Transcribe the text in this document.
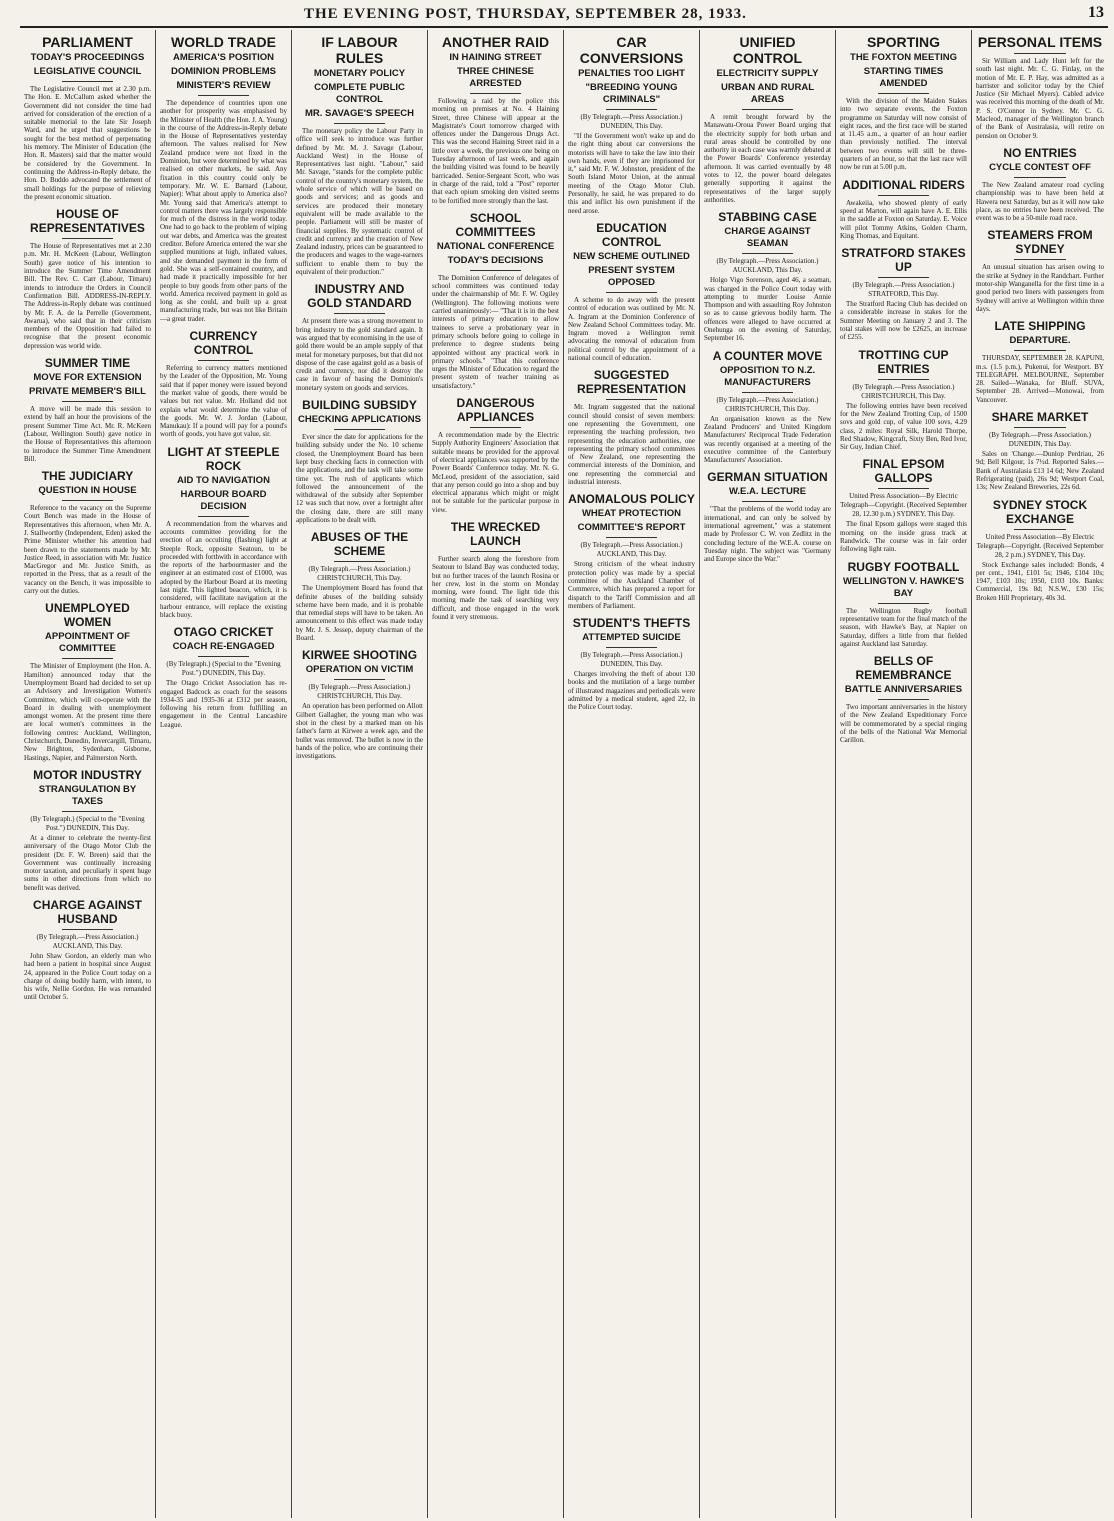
THE EVENING POST, THURSDAY, SEPTEMBER 28, 1933.	13
PARLIAMENT
TODAY'S PROCEEDINGS
LEGISLATIVE COUNCIL
The Legislative Council met at 2.30 p.m. The Hon. E. McCallum asked whether the Government did not consider the time had arrived for consideration of the erection of a suitable memorial to the late Sir Joseph Ward, and he urged that suggestions be sought for the best method of perpetuating his memory. The Minister of Education (the Hon. R. Masters) said that the matter would be considered by the Government. In continuing the Address-in-Reply debate, the Hon. D. Buddo advocated the settlement of small holdings for the purpose of relieving the present economic situation.
HOUSE OF REPRESENTATIVES
The House of Representatives met at 2.30 p.m. Mr. H. McKeen (Labour, Wellington South) gave notice of his intention to introduce the Summer Time Amendment Bill. The Rev. C. Carr (Labour, Timaru) intends to introduce the Orders in Council Confirmation Bill. ADDRESS-IN-REPLY. The Address-in-Reply debate was continued by Mr. F. A. de la Perrelle (Government, Awarua), who said that in their criticism members of the Opposition had failed to recognise that the present economic depression was world wide.
SUMMER TIME
MOVE FOR EXTENSION
PRIVATE MEMBER'S BILL
A move will be made this session to extend by half an hour the provisions of the present Summer Time Act. Mr. R. McKeen (Labour, Wellington South) gave notice in the House of Representatives this afternoon to introduce the Summer Time Amendment Bill.
THE JUDICIARY
QUESTION IN HOUSE
Reference to the vacancy on the Supreme Court Bench was made in the House of Representatives this afternoon, when Mr. A. J. Stallworthy (Independent, Eden) asked the Prime Minister whether his attention had been drawn to the statements made by Mr. Justice Reed, in association with Mr. Justice MacGregor and Mr. Justice Smith, as reported in the Press, that as a result of the vacancy on the Bench, it was impossible to carry out the duties.
UNEMPLOYED WOMEN
APPOINTMENT OF COMMITTEE
The Minister of Employment (the Hon. A. Hamilton) announced today that the Unemployment Board had decided to set up an Advisory and Investigation Women's Committee, which will co-operate with the Board in dealing with unemployment amongst women. At the present time there are local women's committees in the following centres: Auckland, Wellington, Christchurch, Dunedin, Invercargill, Timaru, New Brighton, Sydenham, Gisborne, Hastings, Napier, and Palmerston North.
MOTOR INDUSTRY
STRANGULATION BY TAXES
(By Telegraph.) (Special to the "Evening Post.") DUNEDIN, This Day.
At a dinner to celebrate the twenty-first anniversary of the Otago Motor Club the president (Dr. F. W. Breen) said that the Government was continually increasing motor taxation, and peculiarly it spent huge sums in other directions from which no benefit was derived.
CHARGE AGAINST HUSBAND
(By Telegraph.—Press Association.) AUCKLAND, This Day.
John Shaw Gordon, an elderly man who had been a patient in hospital since August 24, appeared in the Police Court today on a charge of doing bodily harm, with intent, to his wife, Nellie Gordon. He was remanded until October 5.
WORLD TRADE
AMERICA'S POSITION
DOMINION PROBLEMS
MINISTER'S REVIEW
The dependence of countries upon one another for prosperity was emphasised by the Minister of Health (the Hon. J. A. Young) in the course of the Address-in-Reply debate in the House of Representatives yesterday afternoon. The values realised for New Zealand produce were not fixed in the Dominion, but were determined by what was realised on other markets, he said. Any fixation in this country could only be temporary. Mr. W. E. Barnard (Labour, Napier): What about apply to America also? Mr. Young said that America's attempt to control matters there was largely responsible for much of the distress in the world today. One had to go back to the problem of wiping out war debts, and America was the greatest creditor. Before America entered the war she supplied munitions at high, inflated values, and she demanded payment in the form of gold. She was a self-contained country, and had made it practically impossible for her people to buy goods from other parts of the world. America received payment in gold as long as she could, and built up a great manufacturing trade, but was not like Britain—a great trader.
CURRENCY CONTROL
Referring to currency matters mentioned by the Leader of the Opposition, Mr. Young said that if paper money were issued beyond the market value of goods, there would be values but not value. Mr. Holland did not explain what would determine the value of the goods. Mr. W. J. Jordan (Labour, Manukau): If a pound will pay for a pound's worth of goods, you have got value, sir.
LIGHT AT STEEPLE ROCK
AID TO NAVIGATION
HARBOUR BOARD DECISION
A recommendation from the wharves and accounts committee providing for the erection of an occulting (flashing) light at Steeple Rock, opposite Seatoun, to be proceeded with forthwith in accordance with the reports of the harbourmaster and the engineer at an estimated cost of £1000, was adopted by the Harbour Board at its meeting last night. This lighted beacon, which, it is considered, will facilitate navigation at the harbour entrance, will replace the existing black buoy.
OTAGO CRICKET
COACH RE-ENGAGED
(By Telegraph.) (Special to the "Evening Post.") DUNEDIN, This Day.
The Otago Cricket Association has re-engaged Badcock as coach for the seasons 1934-35 and 1935-36 at £312 per season, following his return from fulfilling an engagement in the Central Lancashire League.
IF LABOUR RULES
MONETARY POLICY
COMPLETE PUBLIC CONTROL
MR. SAVAGE'S SPEECH
The monetary policy the Labour Party in office will seek to introduce was further defined by Mr. M. J. Savage (Labour, Auckland West) in the House of Representatives last night. "Labour," said Mr. Savage, "stands for the complete public control of the country's monetary system, the whole service of which will be based on goods and services; and as goods and services are produced their monetary equivalent will be made available to the people. Parliament will still be master of financial supplies. By systematic control of credit and currency and the creation of New Zealand industry, prices can be guaranteed to the producers and wages to the wage-earners sufficient to enable them to buy the equivalent of their production."
INDUSTRY AND GOLD STANDARD
At present there was a strong movement to bring industry to the gold standard again. It was argued that by economising in the use of gold there would be an ample supply of that metal for monetary purposes, but that did not dispose of the case against gold as a basis of credit and currency, nor did it destroy the case in favour of basing the Dominion's monetary system on goods and services.
BUILDING SUBSIDY
CHECKING APPLICATIONS
Ever since the date for applications for the building subsidy under the No. 10 scheme closed, the Unemployment Board has been kept busy checking facts in connection with the applications, and the task will take some time yet. The rush of applicants which followed the announcement of the withdrawal of the subsidy after September 12 was such that now, over a fortnight after the closing date, there are still many applications to be dealt with.
ABUSES OF THE SCHEME
(By Telegraph.—Press Association.) CHRISTCHURCH, This Day.
The Unemployment Board has found that definite abuses of the building subsidy scheme have been made, and it is probable that remedial steps will have to be taken. An announcement to this effect was made today by Mr. J. S. Jessep, deputy chairman of the Board.
KIRWEE SHOOTING
OPERATION ON VICTIM
(By Telegraph.—Press Association.) CHRISTCHURCH, This Day.
An operation has been performed on Allott Gilbert Gallagher, the young man who was shot in the chest by a marked man on his father's farm at Kirwee a week ago, and the bullet was removed. The bullet is now in the hands of the police, who are continuing their investigations.
ANOTHER RAID
IN HAINING STREET
THREE CHINESE ARRESTED
Following a raid by the police this morning on premises at No. 4 Haining Street, three Chinese will appear at the Magistrate's Court tomorrow charged with offences under the Dangerous Drugs Act. This was the second Haining Street raid in a little over a week, the previous one being on Tuesday afternoon of last week, and again the building visited was found to be heavily barricaded. Senior-Sergeant Scott, who was in charge of the raid, told a "Post" reporter that each opium smoking den visited seems to be fortified more strongly than the last.
SCHOOL COMMITTEES
NATIONAL CONFERENCE
TODAY'S DECISIONS
The Dominion Conference of delegates of school committees was continued today under the chairmanship of Mr. F. W. Ogiley (Wellington). The following motions were carried unanimously:— "That it is in the best interests of primary education to allow trainees to serve a probationary year in primary schools before going to college in preference to degree students being appointed without any practical work in primary schools." "That this conference urges the Minister of Education to regard the present system of teacher training as unsatisfactory."
DANGEROUS APPLIANCES
A recommendation made by the Electric Supply Authority Engineers' Association that suitable means be provided for the approval of electrical appliances was supported by the Power Boards' Conference today. Mr. N. G. McLeod, president of the association, said that any person could go into a shop and buy electrical apparatus which might or might not be suitable for the particular purpose in view.
THE WRECKED LAUNCH
Further search along the foreshore from Seatoun to Island Bay was conducted today, but no further traces of the launch Rosina or her crew, lost in the storm on Monday morning, were found. The light tide this morning made the task of searching very difficult, and those engaged in the work found it very strenuous.
CAR CONVERSIONS
PENALTIES TOO LIGHT
"BREEDING YOUNG CRIMINALS"
(By Telegraph.—Press Association.) DUNEDIN, This Day.
"If the Government won't wake up and do the right thing about car conversions the motorists will have to take the law into their own hands, even if they are imprisoned for it," said Mr. F. W. Johnston, president of the South Island Motor Union, at the annual meeting of the Otago Motor Club. Personally, he said, he was prepared to do this and inflict his own punishment if the need arose.
EDUCATION CONTROL
NEW SCHEME OUTLINED
PRESENT SYSTEM OPPOSED
A scheme to do away with the present control of education was outlined by Mr. N. A. Ingram at the Dominion Conference of New Zealand School Committees today. Mr. Ingram moved a Wellington remit advocating the removal of education from political control by the appointment of a national council of education.
SUGGESTED REPRESENTATION
Mr. Ingram suggested that the national council should consist of seven members: one representing the Government, one representing the teaching profession, two representing the education authorities, one representing the primary school committees of New Zealand, one representing the commercial interests of the Dominion, and one representing the commercial and industrial interests.
ANOMALOUS POLICY
WHEAT PROTECTION
COMMITTEE'S REPORT
(By Telegraph.—Press Association.) AUCKLAND, This Day.
Strong criticism of the wheat industry protection policy was made by a special committee of the Auckland Chamber of Commerce, which has prepared a report for dispatch to the Tariff Commission and all members of Parliament.
STUDENT'S THEFTS
ATTEMPTED SUICIDE
(By Telegraph.—Press Association.) DUNEDIN, This Day.
Charges involving the theft of about 130 books and the mutilation of a large number of illustrated magazines and periodicals were admitted by a medical student, aged 22, in the Police Court today.
UNIFIED CONTROL
ELECTRICITY SUPPLY
URBAN AND RURAL AREAS
A remit brought forward by the Manawatu-Oroua Power Board urging that the electricity supply for both urban and rural areas should be controlled by one authority in each case was warmly debated at the Power Boards' Conference yesterday afternoon. It was carried eventually by 48 votes to 12, the power board delegates generally supporting it against the representatives of the larger supply authorities.
STABBING CASE
CHARGE AGAINST SEAMAN
(By Telegraph.—Press Association.) AUCKLAND, This Day.
Holgo Vigo Sorenson, aged 46, a seaman, was charged in the Police Court today with attempting to murder Louise Annie Thompson and with assaulting Roy Johnston so as to cause grievous bodily harm. The offences were alleged to have occurred at Onehunga on the evening of Saturday, September 16.
A COUNTER MOVE
OPPOSITION TO N.Z. MANUFACTURERS
(By Telegraph.—Press Association.) CHRISTCHURCH, This Day.
An organisation known as the New Zealand Producers' and United Kingdom Manufacturers' Reciprocal Trade Federation was recently organised at a meeting of the executive committee of the Canterbury Manufacturers' Association.
GERMAN SITUATION
W.E.A. LECTURE
"That the problems of the world today are international, and can only be solved by international agreement," was a statement made by Professor C. W. von Zedlitz in the concluding lecture of the W.E.A. course on Tuesday night. The subject was "Germany and Europe since the War."
SPORTING
THE FOXTON MEETING
STARTING TIMES AMENDED
With the division of the Maiden Stakes into two separate events, the Foxton programme on Saturday will now consist of eight races, and the first race will be started at 11.45 a.m., a quarter of an hour earlier than previously notified. The interval between two events will still be three-quarters of an hour, so that the last race will now be run at 5.00 p.m.
ADDITIONAL RIDERS
Awakeiia, who showed plenty of early speed at Marton, will again have A. E. Ellis in the saddle at Foxton on Saturday. E. Voice will pilot Tommy Atkins, Golden Charm, King Thomas, and Equitant.
STRATFORD STAKES UP
(By Telegraph.—Press Association.) STRATFORD, This Day.
The Stratford Racing Club has decided on a considerable increase in stakes for the Summer Meeting on January 2 and 3. The total stakes will now be £2625, an increase of £255.
TROTTING CUP ENTRIES
(By Telegraph.—Press Association.) CHRISTCHURCH, This Day.
The following entries have been received for the New Zealand Trotting Cup, of 1500 sovs and gold cup, of value 100 sovs, 4.29 class, 2 miles: Royal Silk, Harold Thorpe, Red Shadow, Kingcraft, Sixty Ben, Red Ivor, Sir Guy, Indian Chief.
FINAL EPSOM GALLOPS
United Press Association—By Electric Telegraph—Copyright. (Received September 28, 12.30 p.m.) SYDNEY, This Day.
The final Epsom gallops were staged this morning on the inside grass track at Randwick. The course was in fair order following light rain.
RUGBY FOOTBALL
WELLINGTON V. HAWKE'S BAY
The Wellington Rugby football representative team for the final match of the season, with Hawke's Bay, at Napier on Saturday, differs a little from that fielded against Auckland last Saturday.
BELLS OF REMEMBRANCE
BATTLE ANNIVERSARIES
Two important anniversaries in the history of the New Zealand Expeditionary Force will be commemorated by a special ringing of the bells of the National War Memorial Carillon.
PERSONAL ITEMS
Sir William and Lady Hunt left for the south last night. Mr. C. G. Finlay, on the motion of Mr. E. P. Hay, was admitted as a barrister and solicitor today by the Chief Justice (Sir Michael Myers). Cabled advice was received this morning of the death of Mr. P. S. O'Connor in Sydney. Mr. C. G. Macleod, manager of the Wellington branch of the Bank of Australasia, will retire on pension on October 9.
NO ENTRIES
CYCLE CONTEST OFF
The New Zealand amateur road cycling championship was to have been held at Hawera next Saturday, but as it will now take place, as no entries have been received. The event was to be a 50-mile road race.
STEAMERS FROM SYDNEY
An unusual situation has arisen owing to the strike at Sydney in the Randchart. Further motor-ship Wanganella for the first time in a good period two liners with passengers from Sydney will arrive at Wellington within three days.
LATE SHIPPING
DEPARTURE.
THURSDAY, SEPTEMBER 28. KAPUNI, m.s. (1.5 p.m.), Pukenui, for Westport. BY TELEGRAPH. MELBOURNE, September 28. Sailed—Wanaka, for Bluff. SUVA, September 28. Arrived—Monowai, from Vancouver.
SHARE MARKET
(By Telegraph.—Press Association.) DUNEDIN, This Day.
Sales on 'Change.—Dunlop Perdriau, 26 9d; Bell Kilgour, 1s 7½d. Reported Sales.—Bank of Australasia £13 14 6d; New Zealand Refrigerating (paid), 26s 9d; Westport Coal, 13s; New Zealand Breweries, 22s 6d.
SYDNEY STOCK EXCHANGE
United Press Association—By Electric Telegraph—Copyright. (Received September 28, 2 p.m.) SYDNEY, This Day.
Stock Exchange sales included: Bonds, 4 per cent., 1941, £101 5s; 1946, £104 10s; 1947, £103 10s; 1950, £103 10s. Banks: Commercial, 19s 8d; N.S.W., £30 15s; Broken Hill Proprietary, 40s 3d.
